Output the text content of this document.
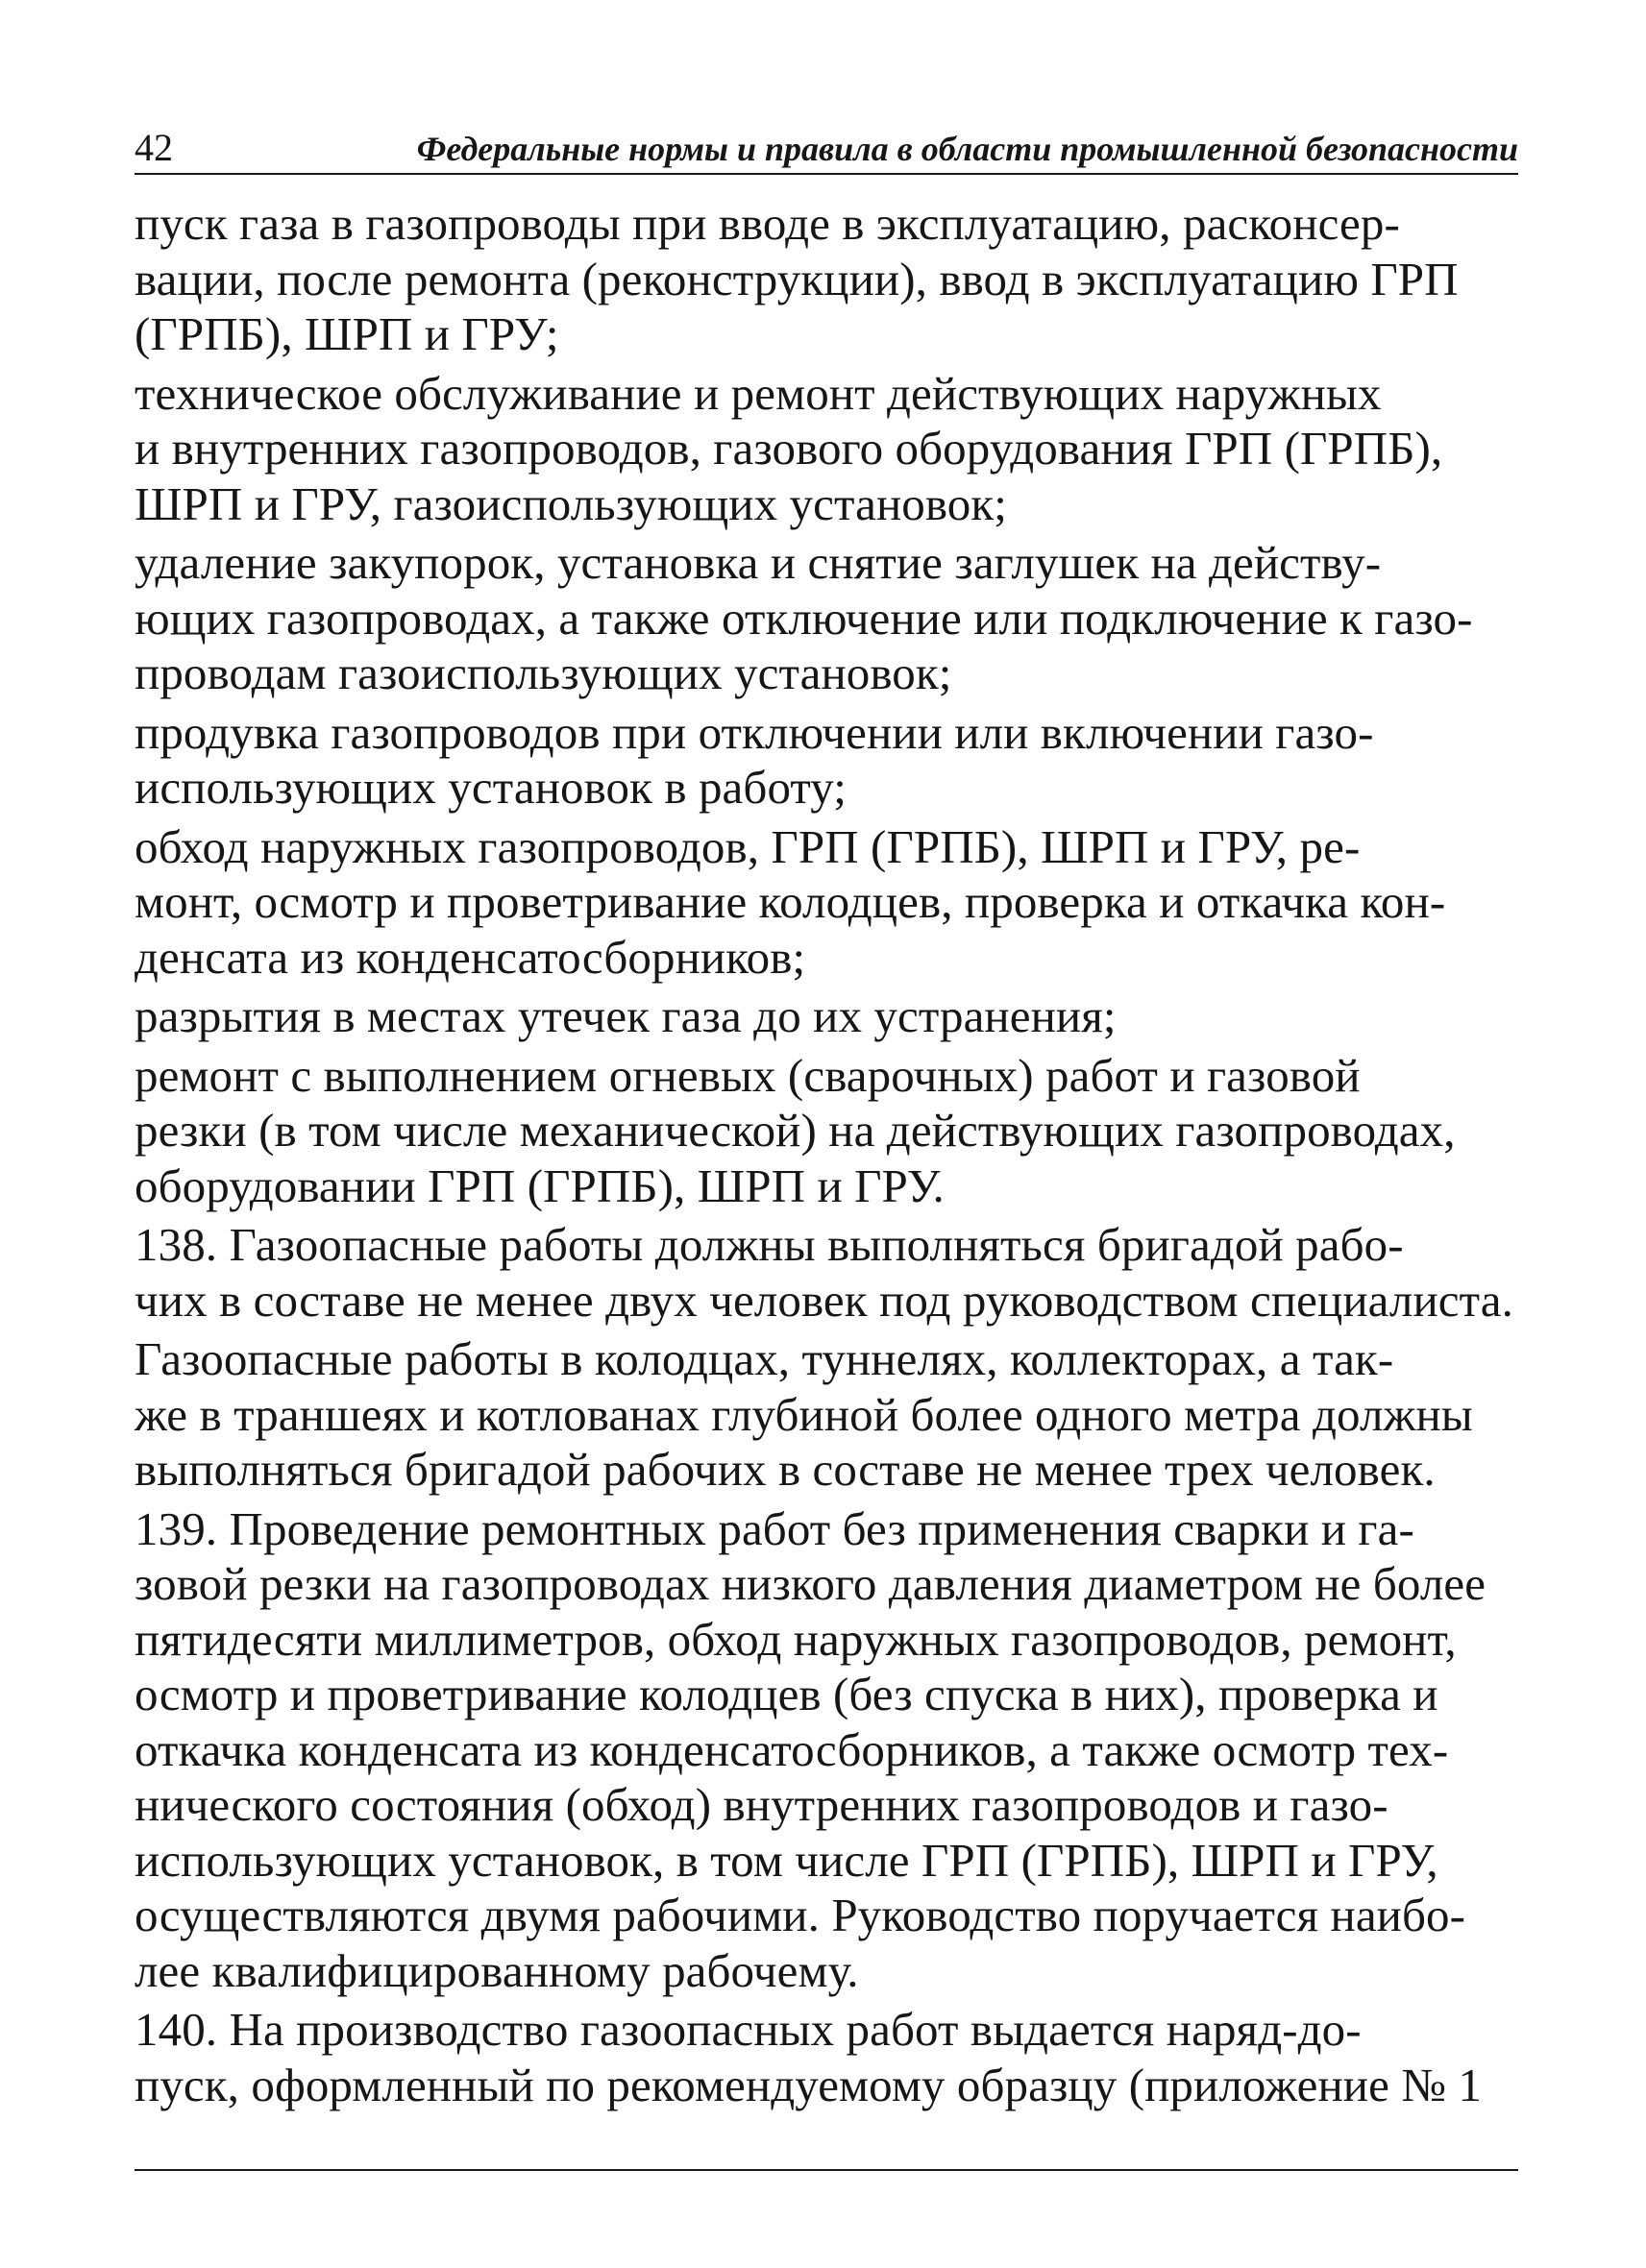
42	Федеральные нормы и правила в области промышленной безопасности

пуск газа в газопроводы при вводе в эксплуатацию, расконсер-
вации, после ремонта (реконструкции), ввод в эксплуатацию ГРП
(ГРПБ), ШРП и ГРУ;

техническое обслуживание и ремонт действующих наружных
и внутренних газопроводов, газового оборудования ГРП (ГРПБ),
ШРП и ГРУ, газоиспользующих установок;

удаление закупорок, установка и снятие заглушек на действу-
ющих газопроводах, а также отключение или подключение к газо-
проводам газоиспользующих установок;

продувка газопроводов при отключении или включении газо-
использующих установок в работу;

обход наружных газопроводов, ГРП (ГРПБ), ШРП и ГРУ, ре-
монт, осмотр и проветривание колодцев, проверка и откачка кон-
денсата из конденсатосборников;

разрытия в местах утечек газа до их устранения;

ремонт с выполнением огневых (сварочных) работ и газовой
резки (в том числе механической) на действующих газопроводах,
оборудовании ГРП (ГРПБ), ШРП и ГРУ.

138. Газоопасные работы должны выполняться бригадой рабо-
чих в составе не менее двух человек под руководством специалиста.

Газоопасные работы в колодцах, туннелях, коллекторах, а так-
же в траншеях и котлованах глубиной более одного метра должны
выполняться бригадой рабочих в составе не менее трех человек.

139. Проведение ремонтных работ без применения сварки и га-
зовой резки на газопроводах низкого давления диаметром не более
пятидесяти миллиметров, обход наружных газопроводов, ремонт,
осмотр и проветривание колодцев (без спуска в них), проверка и
откачка конденсата из конденсатосборников, а также осмотр тех-
нического состояния (обход) внутренних газопроводов и газо-
использующих установок, в том числе ГРП (ГРПБ), ШРП и ГРУ,
осуществляются двумя рабочими. Руководство поручается наибо-
лее квалифицированному рабочему.

140. На производство газоопасных работ выдается наряд-до-
пуск, оформленный по рекомендуемому образцу (приложение № 1
